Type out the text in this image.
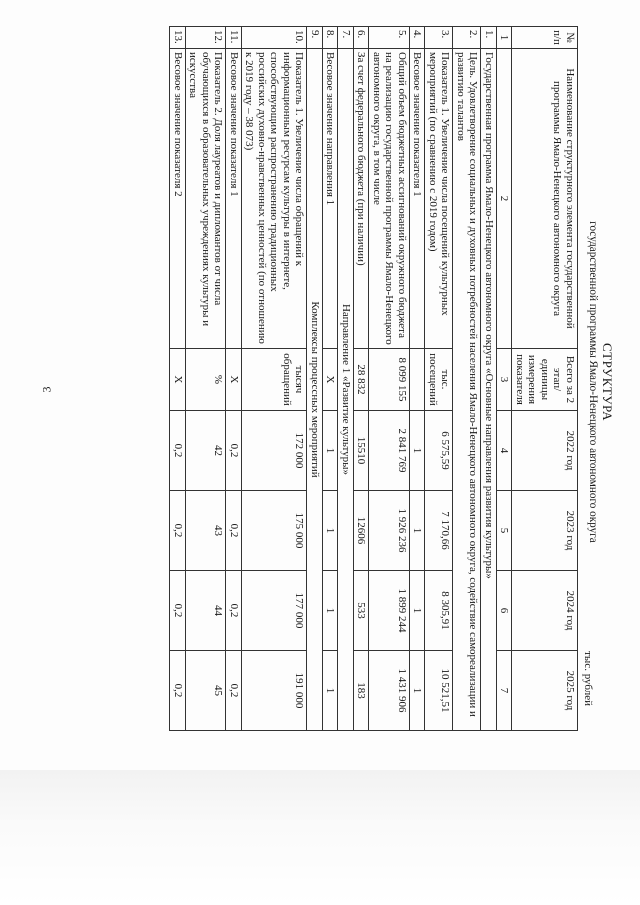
3	СТРУКТУРА
государственной программы Ямало-Ненецкого автономного округа
тыс. рублей
№ п/п	Наименование структурного элемента государственной программы Ямало-Ненецкого автономного округа	Всего за 2 этап/ единицы измерения показателя	2022 год	2023 год	2024 год	2025 год
1	2	3	4	5	6	7
1.	Государственная программа Ямало-Ненецкого автономного округа «Основные направления развития культуры»					
2.	Цель. Удовлетворение социальных и духовных потребностей населения Ямало-Ненецкого автономного округа, содействие самореализации и развитию талантов					
3.	Показатель 1. Увеличение числа посещений культурных мероприятий (по сравнению с 2019 годом)	тыс. посещений	6 575,59	7 170,66	8 305,91	10 521,51
4.	Весовое значение показателя 1		1	1	1	1
5.	Общий объем бюджетных ассигнований окружного бюджета на реализацию государственной программы Ямало-Ненецкого автономного округа, в том числе	8 099 155	2 841 769	1 926 236	1 899 244	1 431 906
6.	За счет федерального бюджета (при наличии)	28 832	15510	12606	533	183
7.	Направление 1 «Развитие культуры»					
8.	Весовое значение направления 1	X	1	1	1	1
9.	Комплексы процессных мероприятий					
10.	Показатель 1. Увеличение числа обращений к информационным ресурсам культуры в интернете, способствующим распространению традиционных российских духовно-нравственных ценностей (по отношению к 2019 году – 38 073)	тысяч обращений	172 000	175 000	177 000	191 000
11.	Весовое значение показателя 1	X	0,2	0,2	0,2	0,2
12.	Показатель 2. Доля лауреатов и дипломантов от числа обучающихся в образовательных учреждениях культуры и искусства	%	42	43	44	45
13.	Весовое значение показателя 2	X	0,2	0,2	0,2	0,2
